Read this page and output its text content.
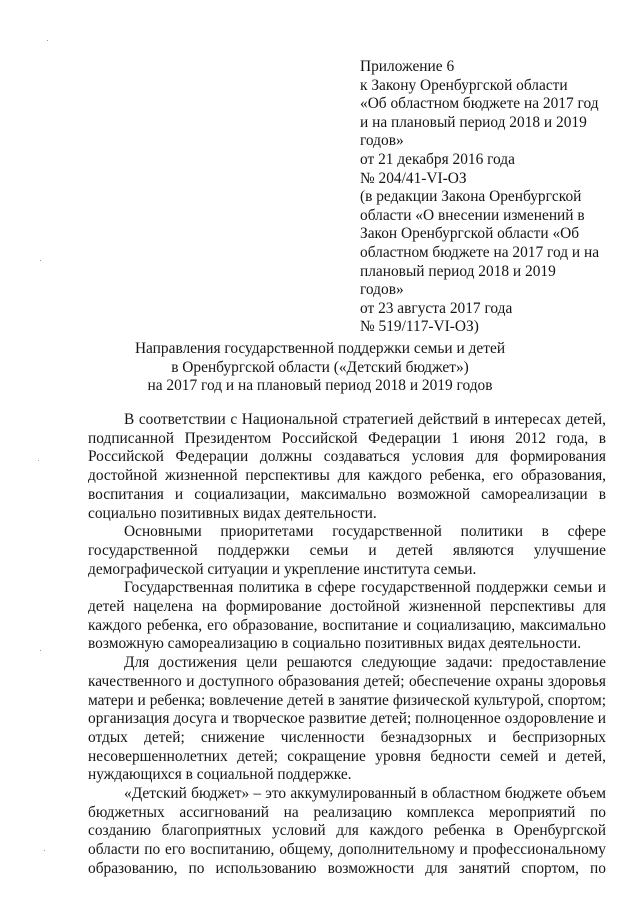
Приложение 6
к Закону Оренбургской области
«Об областном бюджете на 2017 год
и на плановый период 2018 и 2019
годов»
от 21 декабря 2016 года
№ 204/41-VI-ОЗ
(в редакции Закона Оренбургской
области «О внесении изменений в
Закон Оренбургской области «Об
областном бюджете на 2017 год и на
плановый период 2018 и 2019
годов»
от 23 августа 2017 года
№ 519/117-VI-ОЗ)
Направления государственной поддержки семьи и детей
в Оренбургской области («Детский бюджет»)
на 2017 год и на плановый период 2018 и 2019 годов

В соответствии с Национальной стратегией действий в интересах детей, подписанной Президентом Российской Федерации 1 июня 2012 года, в Российской Федерации должны создаваться условия для формирования достойной жизненной перспективы для каждого ребенка, его образования, воспитания и социализации, максимально возможной самореализации в социально позитивных видах деятельности.

Основными приоритетами государственной политики в сфере государственной поддержки семьи и детей являются улучшение демографической ситуации и укрепление института семьи.

Государственная политика в сфере государственной поддержки семьи и детей нацелена на формирование достойной жизненной перспективы для каждого ребенка, его образование, воспитание и социализацию, максимально возможную самореализацию в социально позитивных видах деятельности.

Для достижения цели решаются следующие задачи: предоставление качественного и доступного образования детей; обеспечение охраны здоровья матери и ребенка; вовлечение детей в занятие физической культурой, спортом; организация досуга и творческое развитие детей; полноценное оздоровление и отдых детей; снижение численности безнадзорных и беспризорных несовершеннолетних детей; сокращение уровня бедности семей и детей, нуждающихся в социальной поддержке.

«Детский бюджет» – это аккумулированный в областном бюджете объем бюджетных ассигнований на реализацию комплекса мероприятий по созданию благоприятных условий для каждого ребенка в Оренбургской области по его воспитанию, общему, дополнительному и профессиональному образованию, по использованию возможности для занятий спортом, по
